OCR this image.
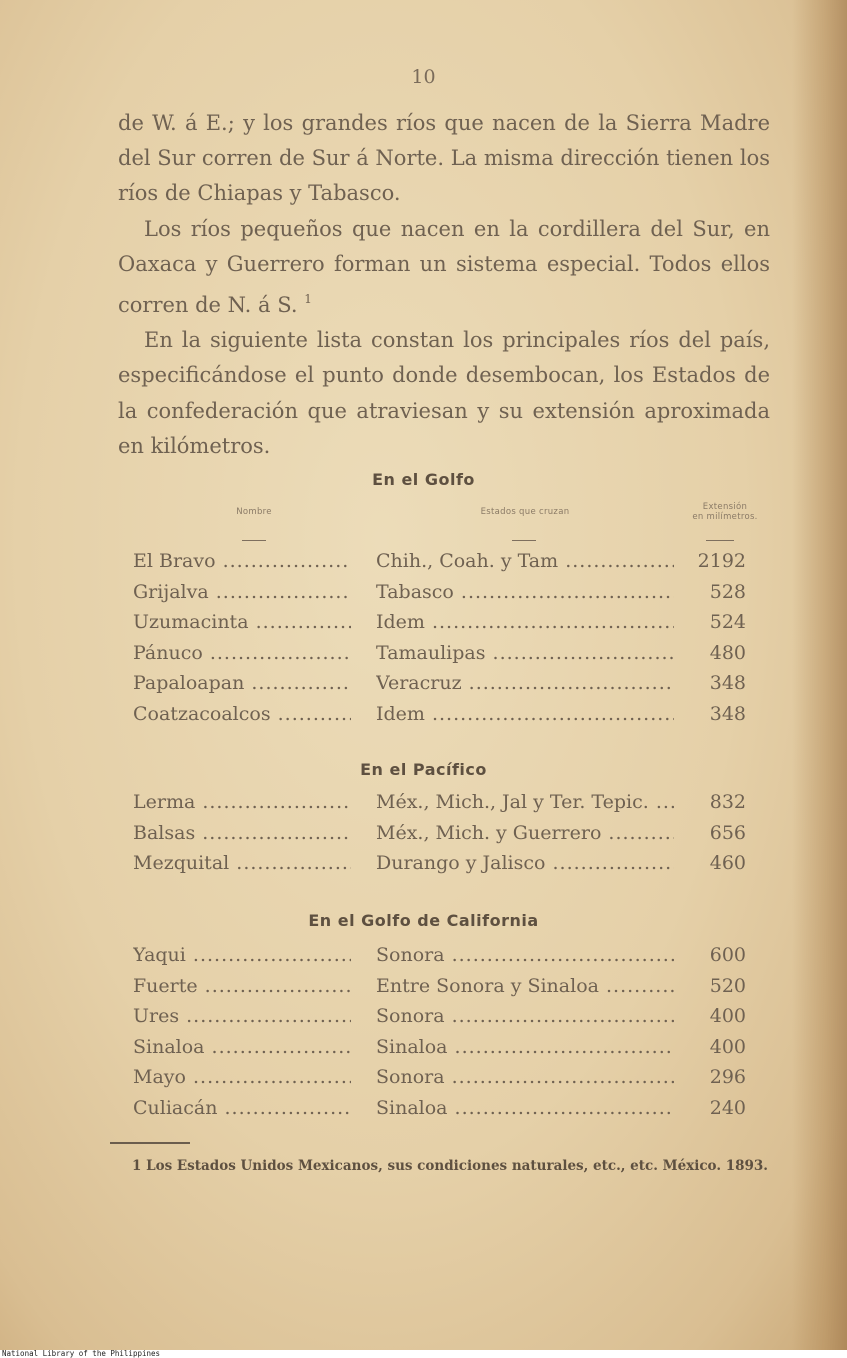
10

de W. á E.; y los grandes ríos que nacen de la Sierra Madre del Sur corren de Sur á Norte. La misma dirección tienen los ríos de Chiapas y Tabasco.

Los ríos pequeños que nacen en la cordillera del Sur, en Oaxaca y Guerrero forman un sistema especial. Todos ellos corren de N. á S. $^1$

En la siguiente lista constan los principales ríos del país, especificándose el punto donde desembocan, los Estados de la confederación que atraviesan y su extensión aproximada en kilómetros.

En el Golfo
Nombre	Estados que cruzan	Extensión
en milímetros.
El Bravo .....	Chih., Coah. y Tam .....	2192
Grijalva .....	Tabasco .....	528
Uzumacinta .....	Idem .....	524
Pánuco .....	Tamaulipas .....	480
Papaloapan .....	Veracruz .....	348
Coatzacoalcos .....	Idem .....	348
En el Pacífico
Lerma .....	Méx., Mich., Jal y Ter. Tepic. .....	832
Balsas .....	Méx., Mich. y Guerrero .....	656
Mezquital .....	Durango y Jalisco .....	460
En el Golfo de California
Yaqui .....	Sonora .....	600
Fuerte .....	Entre Sonora y Sinaloa .....	520
Ures .....	Sonora .....	400
Sinaloa .....	Sinaloa .....	400
Mayo .....	Sonora .....	296
Culiacán .....	Sinaloa .....	240

1 Los Estados Unidos Mexicanos, sus condiciones naturales, etc., etc. México. 1893.

National Library of the Philippines
